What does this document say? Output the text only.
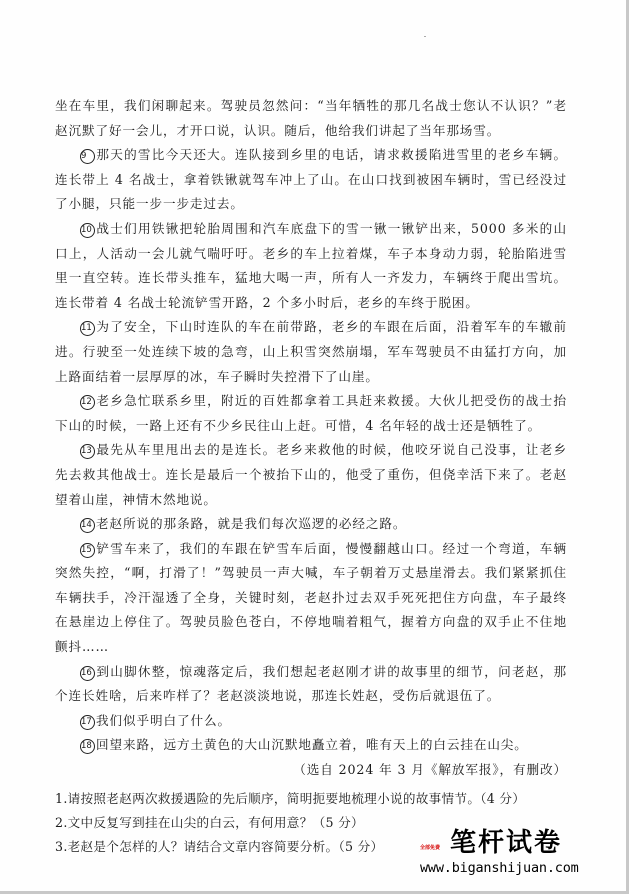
坐在车里，我们闲聊起来。驾驶员忽然问：“当年牺牲的那几名战士您认不认识？”老赵沉默了好一会儿，才开口说，认识。随后，他给我们讲起了当年那场雪。

9 那天的雪比今天还大。连队接到乡里的电话，请求救援陷进雪里的老乡车辆。连长带上 4 名战士，拿着铁锹就驾车冲上了山。在山口找到被困车辆时，雪已经没过了小腿，只能一步一步走过去。

10 战士们用铁锹把轮胎周围和汽车底盘下的雪一锹一锹铲出来，5000 多米的山口上，人活动一会儿就气喘吁吁。老乡的车上拉着煤，车子本身动力弱，轮胎陷进雪里一直空转。连长带头推车，猛地大喝一声，所有人一齐发力，车辆终于爬出雪坑。连长带着 4 名战士轮流铲雪开路，2 个多小时后，老乡的车终于脱困。

11 为了安全，下山时连队的车在前带路，老乡的车跟在后面，沿着军车的车辙前进。行驶至一处连续下坡的急弯，山上积雪突然崩塌，军车驾驶员不由猛打方向，加上路面结着一层厚厚的冰，车子瞬时失控滑下了山崖。

12 老乡急忙联系乡里，附近的百姓都拿着工具赶来救援。大伙儿把受伤的战士抬下山的时候，一路上还有不少乡民往山上赶。可惜，4 名年轻的战士还是牺牲了。

13 最先从车里甩出去的是连长。老乡来救他的时候，他咬牙说自己没事，让老乡先去救其他战士。连长是最后一个被抬下山的，他受了重伤，但侥幸活下来了。老赵望着山崖，神情木然地说。

14 老赵所说的那条路，就是我们每次巡逻的必经之路。

15 铲雪车来了，我们的车跟在铲雪车后面，慢慢翻越山口。经过一个弯道，车辆突然失控，“啊，打滑了！”驾驶员一声大喊，车子朝着万丈悬崖滑去。我们紧紧抓住车辆扶手，冷汗湿透了全身，关键时刻，老赵扑过去双手死死把住方向盘，车子最终在悬崖边上停住了。驾驶员脸色苍白，不停地喘着粗气，握着方向盘的双手止不住地颤抖……

16 到山脚休整，惊魂落定后，我们想起老赵刚才讲的故事里的细节，问老赵，那个连长姓啥，后来咋样了？老赵淡淡地说，那连长姓赵，受伤后就退伍了。

17 我们似乎明白了什么。

18 回望来路，远方土黄色的大山沉默地矗立着，唯有天上的白云挂在山尖。

（选自 2024 年 3 月《解放军报》，有删改）

1.请按照老赵两次救援遇险的先后顺序，简明扼要地梳理小说的故事情节。（4 分）

2.文中反复写到挂在山尖的白云，有何用意？（5 分）

3.老赵是个怎样的人？请结合文章内容简要分析。（5 分）	全部免费 笔杆试卷
www.biganshijuan.com
